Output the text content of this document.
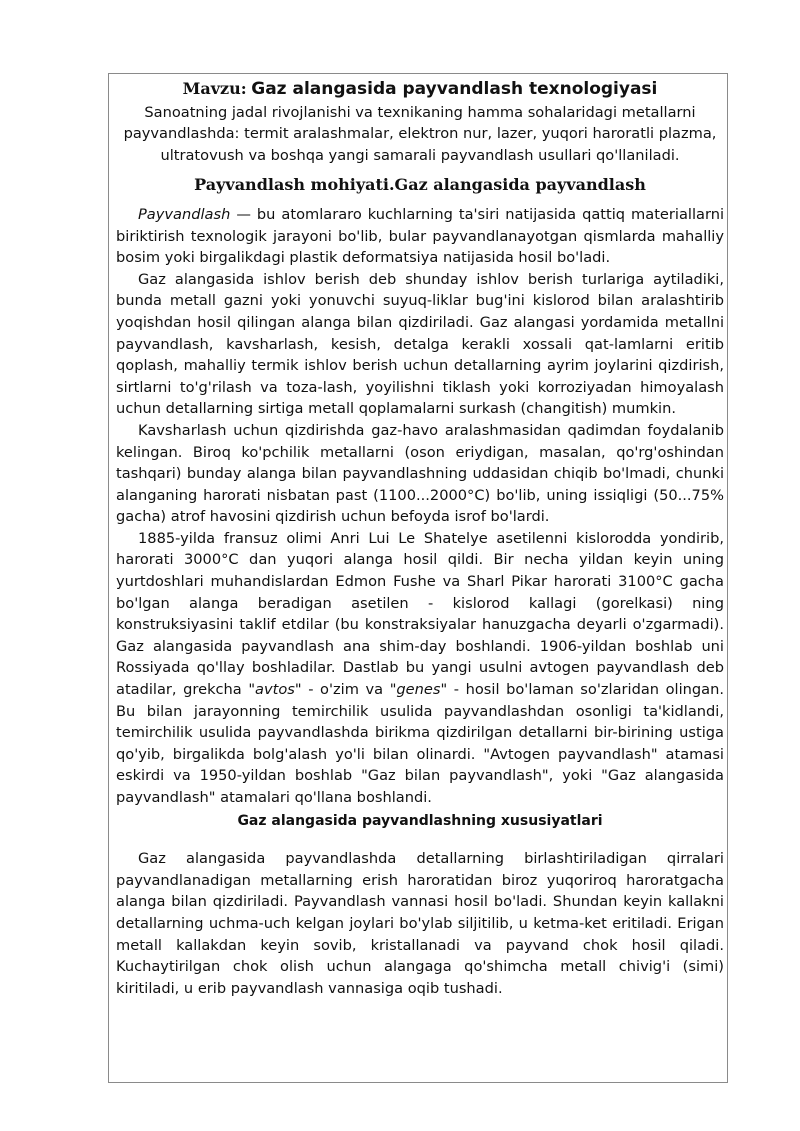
Mavzu: Gaz alangasida payvandlash texnologiyasi

Sanoatning jadal rivojlanishi va texnikaning hamma sohalaridagi metallarni payvandlashda: termit aralashmalar, elektron nur, lazer, yuqori haroratli plazma, ultratovush va boshqa yangi samarali payvandlash usullari qo'llaniladi.

Payvandlash mohiyati.Gaz alangasida payvandlash

Payvandlash — bu atomlararo kuchlarning ta'siri natijasida qattiq materiallarni biriktirish texnologik jarayoni bo'lib, bular payvandlanayotgan qismlarda mahalliy bosim yoki birgalikdagi plastik deformatsiya natijasida hosil bo'ladi.

Gaz alangasida ishlov berish deb shunday ishlov berish turlariga aytiladiki, bunda metall gazni yoki yonuvchi suyuq-liklar bug'ini kislorod bilan aralashtirib yoqishdan hosil qilingan alanga bilan qizdiriladi. Gaz alangasi yordamida metallni payvandlash, kavsharlash, kesish, detalga kerakli xossali qat-lamlarni eritib qoplash, mahalliy termik ishlov berish uchun detallarning ayrim joylarini qizdirish, sirtlarni to'g'rilash va toza-lash, yoyilishni tiklash yoki korroziyadan himoyalash uchun detallarning sirtiga metall qoplamalarni surkash (changitish) mumkin.

Kavsharlash uchun qizdirishda gaz-havo aralashmasidan qadimdan foydalanib kelingan. Biroq ko'pchilik metallarni (oson eriydigan, masalan, qo'rg'oshindan tashqari) bunday alanga bilan payvandlashning uddasidan chiqib bo'lmadi, chunki alanganing harorati nisbatan past (1100...2000°C) bo'lib, uning issiqligi (50...75% gacha) atrof havosini qizdirish uchun befoyda isrof bo'lardi.

1885-yilda fransuz olimi Anri Lui Le Shatelye asetilenni kislorodda yondirib, harorati 3000°C dan yuqori alanga hosil qildi. Bir necha yildan keyin uning yurtdoshlari muhandislardan Edmon Fushe va Sharl Pikar harorati 3100°C gacha bo'lgan alanga beradigan asetilen - kislorod kallagi (gorelkasi) ning konstruksiyasini taklif etdilar (bu konstraksiyalar hanuzgacha deyarli o'zgarmadi). Gaz alangasida payvandlash ana shim-day boshlandi. 1906-yildan boshlab uni Rossiyada qo'llay boshladilar. Dastlab bu yangi usulni avtogen payvandlash deb atadilar, grekcha "avtos" - o'zim va "genes" - hosil bo'laman so'zlaridan olingan. Bu bilan jarayonning temirchilik usulida payvandlashdan osonligi ta'kidlandi, temirchilik usulida payvandlashda birikma qizdirilgan detallarni bir-birining ustiga qo'yib, birgalikda bolg'alash yo'li bilan olinardi. "Avtogen payvandlash" atamasi eskirdi va 1950-yildan boshlab "Gaz bilan payvandlash", yoki "Gaz alangasida payvandlash" atamalari qo'llana boshlandi.

Gaz alangasida payvandlashning xususiyatlari

Gaz alangasida payvandlashda detallarning birlashtiriladigan qirralari payvandlanadigan metallarning erish haroratidan biroz yuqoriroq haroratgacha alanga bilan qizdiriladi. Payvandlash vannasi hosil bo'ladi. Shundan keyin kallakni detallarning uchma-uch kelgan joylari bo'ylab siljitilib, u ketma-ket eritiladi. Erigan metall kallakdan keyin sovib, kristallanadi va payvand chok hosil qiladi. Kuchaytirilgan chok olish uchun alangaga qo'shimcha metall chivig'i (simi) kiritiladi, u erib payvandlash vannasiga oqib tushadi.
